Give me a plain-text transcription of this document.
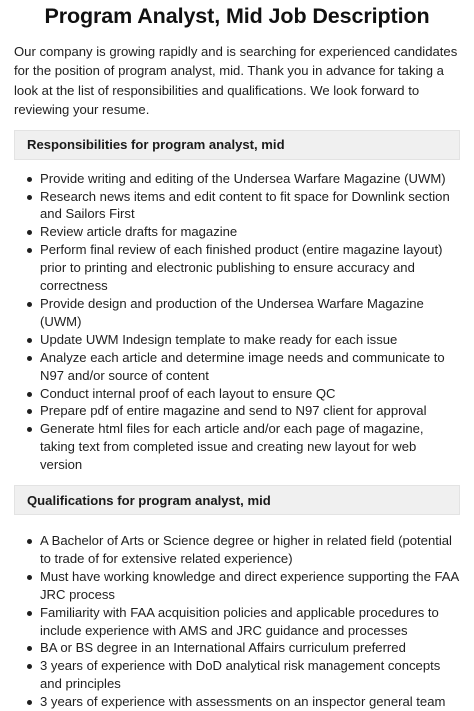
Program Analyst, Mid Job Description

Our company is growing rapidly and is searching for experienced candidates for the position of program analyst, mid. Thank you in advance for taking a look at the list of responsibilities and qualifications. We look forward to reviewing your resume.

Responsibilities for program analyst, mid
Provide writing and editing of the Undersea Warfare Magazine (UWM)
Research news items and edit content to fit space for Downlink section and Sailors First
Review article drafts for magazine
Perform final review of each finished product (entire magazine layout) prior to printing and electronic publishing to ensure accuracy and correctness
Provide design and production of the Undersea Warfare Magazine (UWM)
Update UWM Indesign template to make ready for each issue
Analyze each article and determine image needs and communicate to N97 and/or source of content
Conduct internal proof of each layout to ensure QC
Prepare pdf of entire magazine and send to N97 client for approval
Generate html files for each article and/or each page of magazine, taking text from completed issue and creating new layout for web version
Qualifications for program analyst, mid
A Bachelor of Arts or Science degree or higher in related field (potential to trade of for extensive related experience)
Must have working knowledge and direct experience supporting the FAA JRC process
Familiarity with FAA acquisition policies and applicable procedures to include experience with AMS and JRC guidance and processes
BA or BS degree in an International Affairs curriculum preferred
3 years of experience with DoD analytical risk management concepts and principles
3 years of experience with assessments on an inspector general team
